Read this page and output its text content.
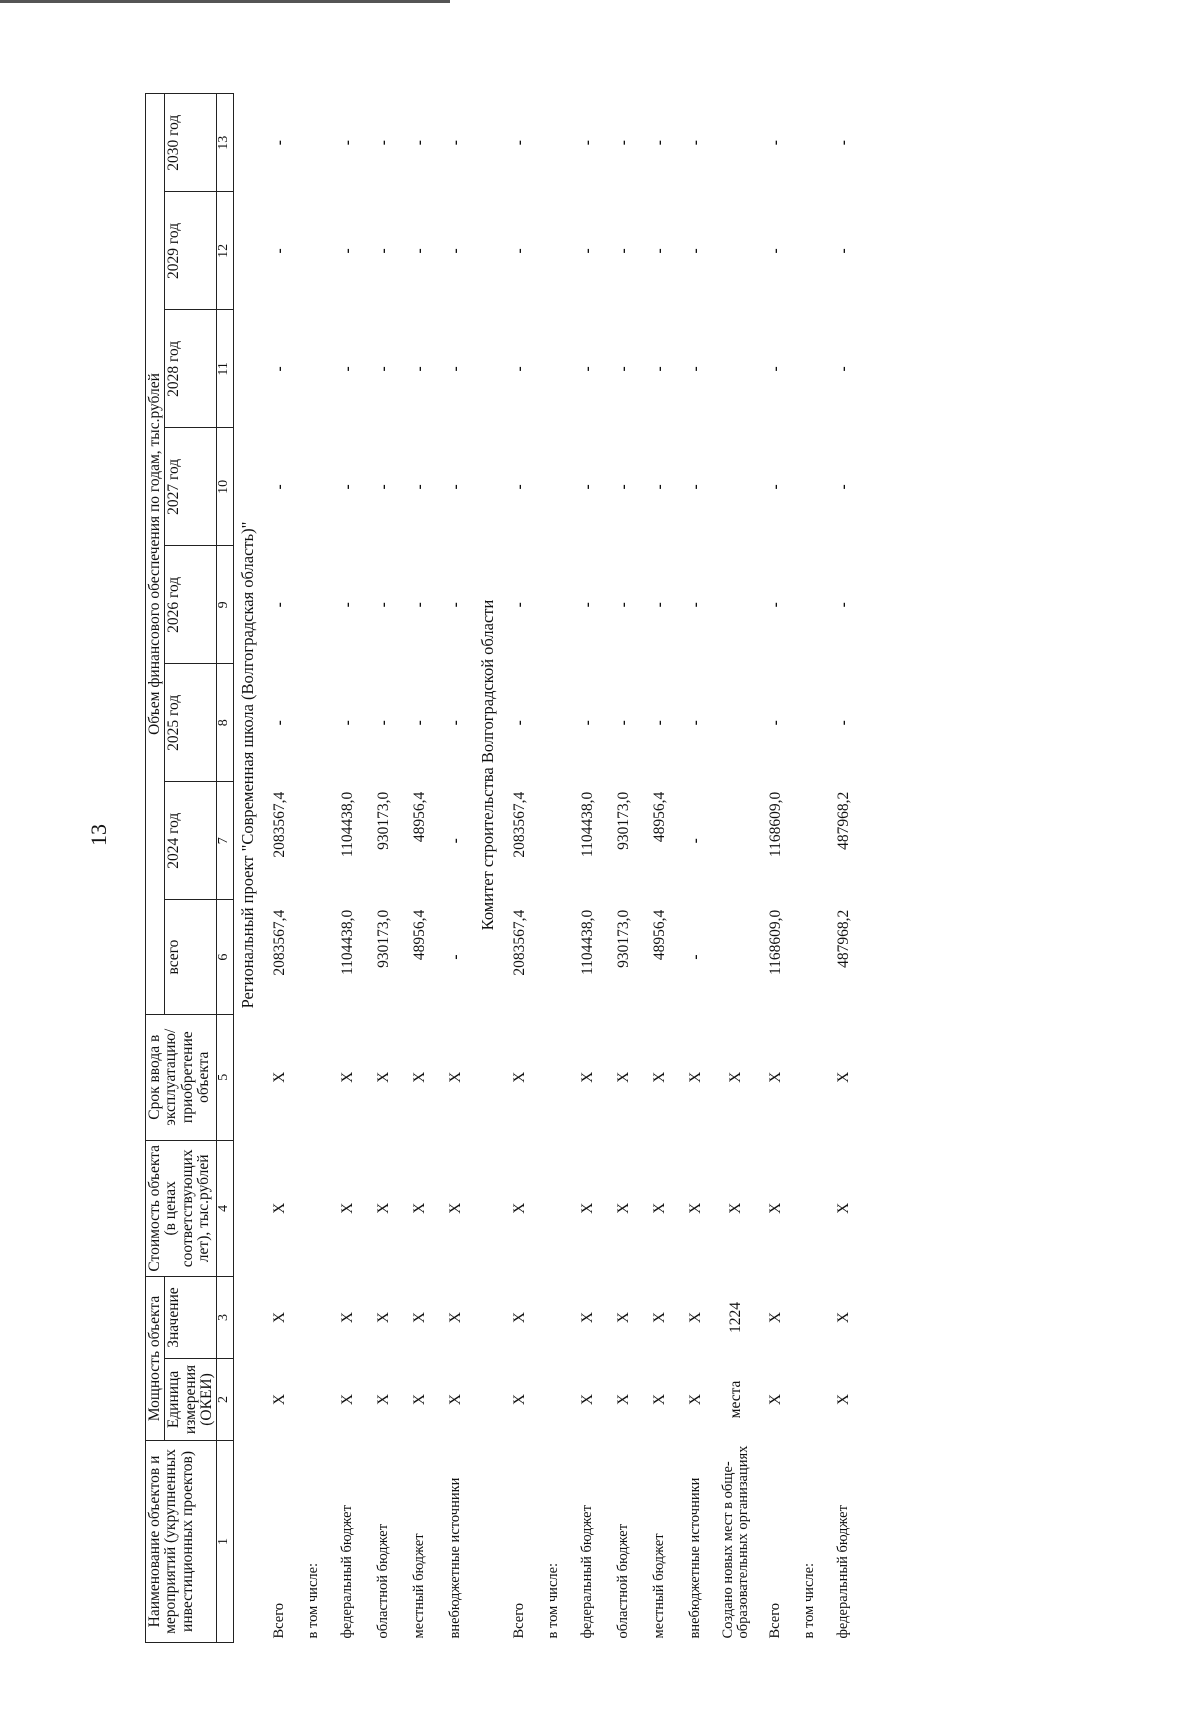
13
Наименование объектов и мероприятий (укрупненных инвестиционных проектов)	Мощность объекта		Стоимость объекта (в ценах соответствующих лет), тыс.рублей	Срок ввода в эксплуатацию/ приобретение объекта	Объем финансового обеспечения по годам, тыс.рублей							
	Единица измерения (ОКЕИ)	Значение			всего	2024 год	2025 год	2026 год	2027 год	2028 год	2029 год	2030 год
1	2	3	4	5	6	7	8	9	10	11	12	13
Региональный проект "Современная школа (Волгоградская область)"												
Всего	X	X	X	X	2083567,4	2083567,4	-	-	-	-	-	-
в том числе:												
федеральный бюджет	X	X	X	X	1104438,0	1104438,0	-	-	-	-	-	-
областной бюджет	X	X	X	X	930173,0	930173,0	-	-	-	-	-	-
местный бюджет	X	X	X	X	48956,4	48956,4	-	-	-	-	-	-
внебюджетные источники	X	X	X	X	-	-	-	-	-	-	-	-
Комитет строительства Волгоградской области												
Всего	X	X	X	X	2083567,4	2083567,4	-	-	-	-	-	-
в том числе:												
федеральный бюджет	X	X	X	X	1104438,0	1104438,0	-	-	-	-	-	-
областной бюджет	X	X	X	X	930173,0	930173,0	-	-	-	-	-	-
местный бюджет	X	X	X	X	48956,4	48956,4	-	-	-	-	-	-
внебюджетные источники	X	X	X	X	-	-	-	-	-	-	-	-
Создано новых мест в обще-образовательных организациях	места	1224	X	X								
Всего	X	X	X	X	1168609,0	1168609,0	-	-	-	-	-	-
в том числе:												
федеральный бюджет	X	X	X	X	487968,2	487968,2	-	-	-	-	-	-
